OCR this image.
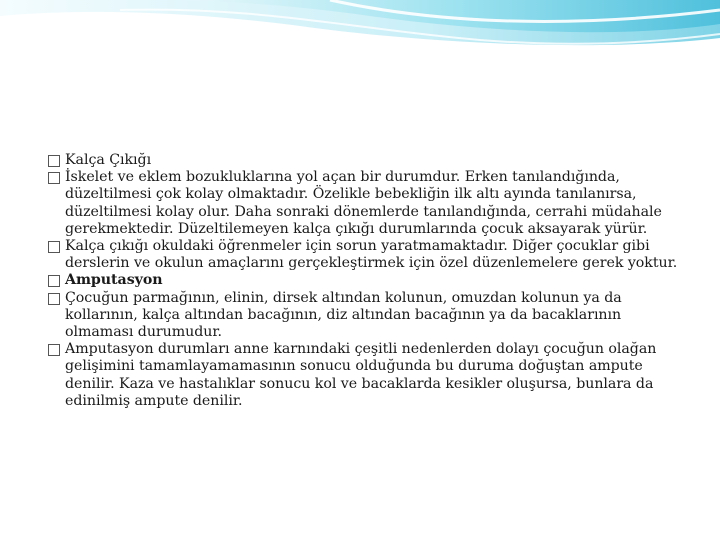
Kalça Çıkığı
İskelet ve eklem bozukluklarına yol açan bir durumdur. Erken tanılandığında, düzeltilmesi çok kolay olmaktadır. Özelikle bebekliğin ilk altı ayında tanılanırsa, düzeltilmesi kolay olur. Daha sonraki dönemlerde tanılandığında, cerrahi müdahale gerekmektedir. Düzeltilemeyen kalça çıkığı durumlarında çocuk aksayarak yürür.
Kalça çıkığı okuldaki öğrenmeler için sorun yaratmamaktadır. Diğer çocuklar gibi derslerin ve okulun amaçlarını gerçekleştirmek için özel düzenlemelere gerek yoktur.
Amputasyon
Çocuğun parmağının, elinin, dirsek altından kolunun, omuzdan kolunun ya da kollarının, kalça altından bacağının, diz altından bacağının ya da bacaklarının olmaması durumudur.
Amputasyon durumları anne karnındaki çeşitli nedenlerden dolayı çocuğun olağan gelişimini tamamlayamamasının sonucu olduğunda bu duruma doğuştan ampute denilir. Kaza ve hastalıklar sonucu kol ve bacaklarda kesikler oluşursa, bunlara da edinilmiş ampute denilir.
